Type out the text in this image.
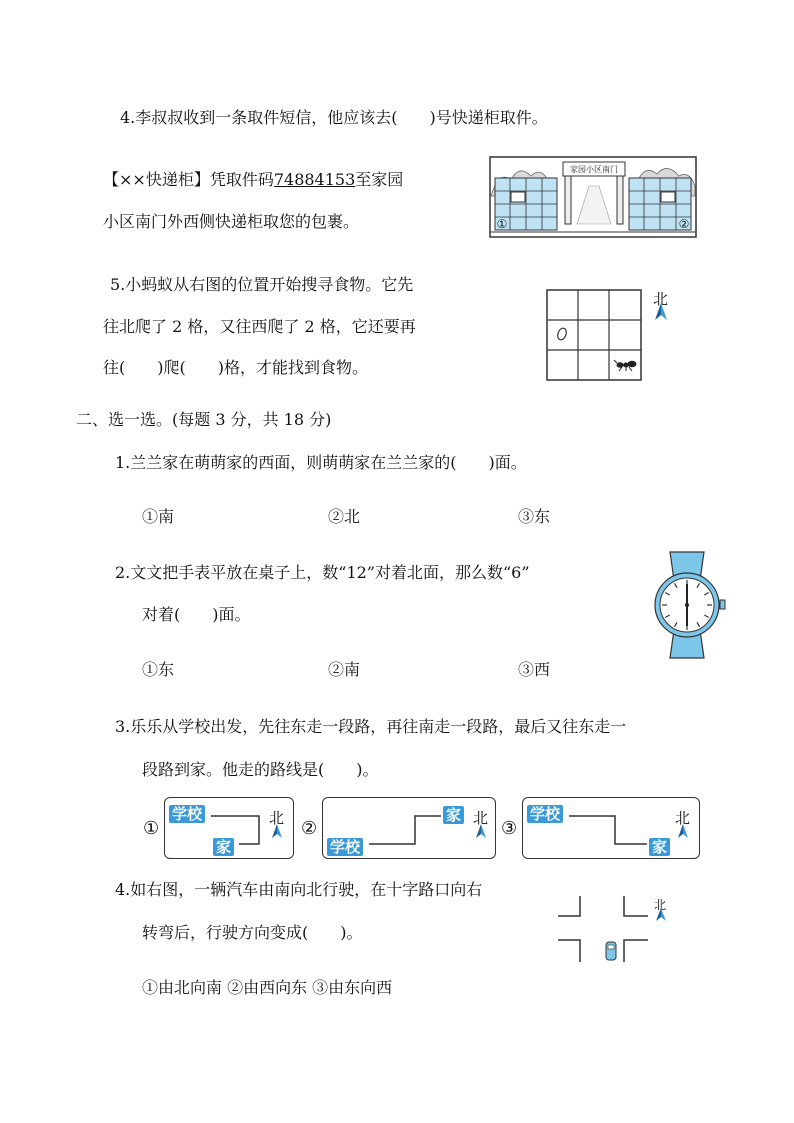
4.李叔叔收到一条取件短信，他应该去(　　)号快递柜取件。
【××快递柜】凭取件码74884153至家园
小区南门外西侧快递柜取您的包裹。
家园小区南门
①	②
5.小蚂蚁从右图的位置开始搜寻食物。它先
往北爬了 2 格，又往西爬了 2 格，它还要再
往(　　)爬(　　)格，才能找到食物。
北
二、选一选。(每题 3 分，共 18 分)
1.兰兰家在萌萌家的西面，则萌萌家在兰兰家的(　　)面。
①南	②北	③东
2.文文把手表平放在桌子上，数“12”对着北面，那么数“6”
对着(　　)面。
①东	②南	③西
3.乐乐从学校出发，先往东走一段路，再往南走一段路，最后又往东走一
段路到家。他走的路线是(　　)。
①
学校
家
北 ②
学校
家 北 ③
学校
家
北
4.如右图，一辆汽车由南向北行驶，在十字路口向右
转弯后，行驶方向变成(　　)。
①由北向南 ②由西向东 ③由东向西
北
